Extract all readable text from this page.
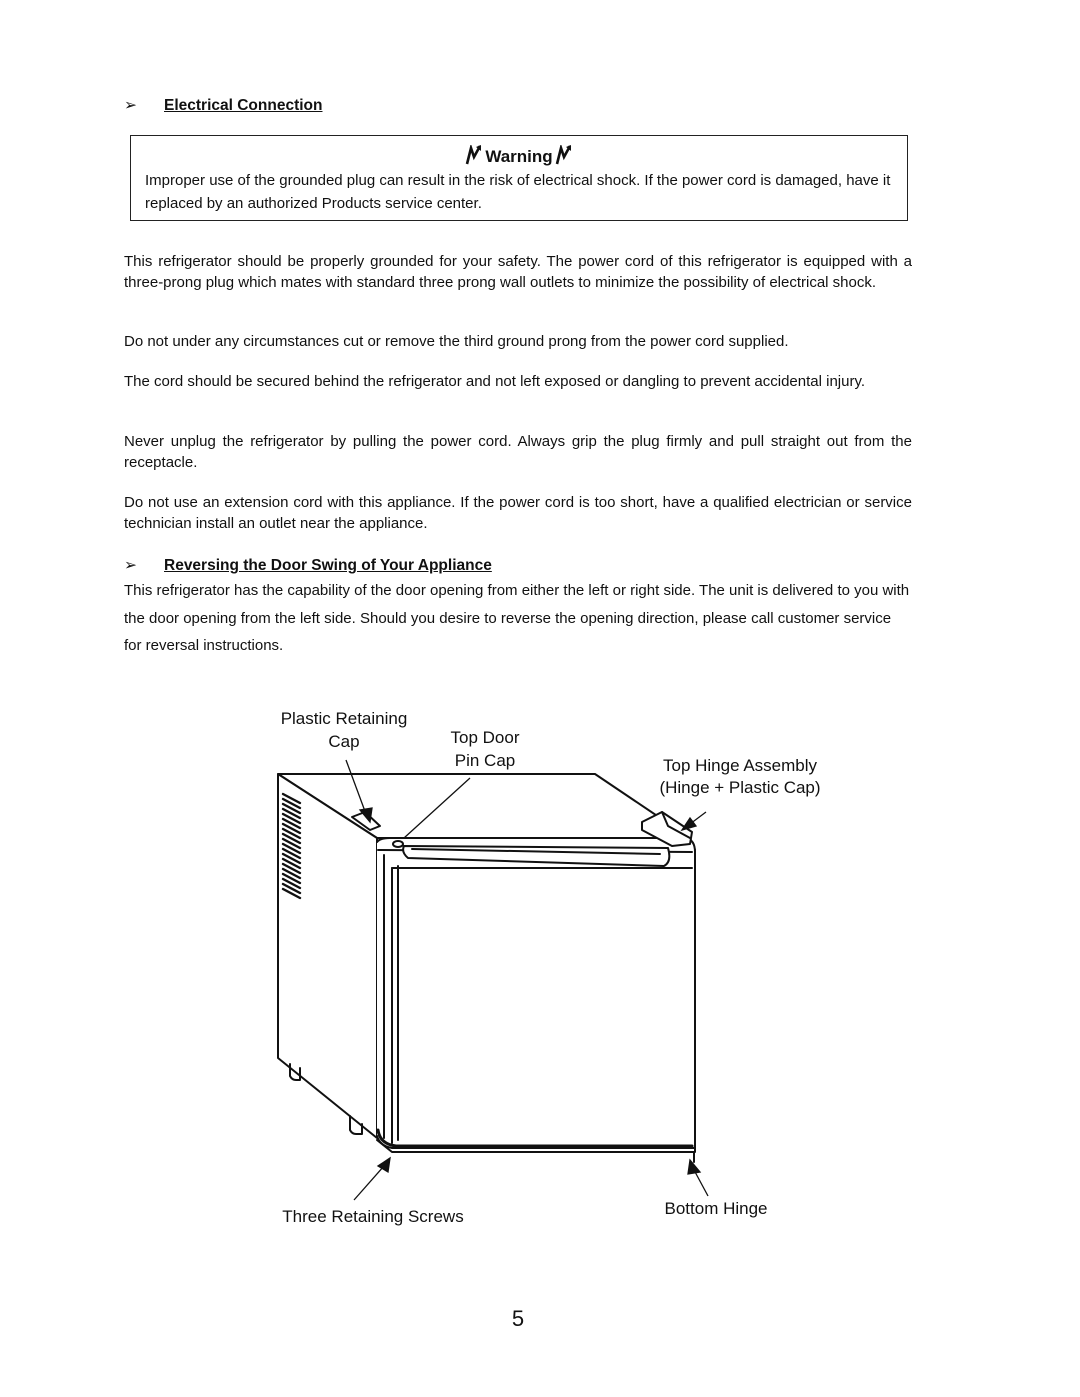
➢ Electrical Connection
Warning
Improper use of the grounded plug can result in the risk of electrical shock. If the power cord is damaged, have it replaced by an authorized Products service center.
This refrigerator should be properly grounded for your safety. The power cord of this refrigerator is equipped with a three-prong plug which mates with standard three prong wall outlets to minimize the possibility of electrical shock.
Do not under any circumstances cut or remove the third ground prong from the power cord supplied.
The cord should be secured behind the refrigerator and not left exposed or dangling to prevent accidental injury.
Never unplug the refrigerator by pulling the power cord. Always grip the plug firmly and pull straight out from the receptacle.
Do not use an extension cord with this appliance. If the power cord is too short, have a qualified electrician or service technician install an outlet near the appliance.
➢ Reversing the Door Swing of Your Appliance
This refrigerator has the capability of the door opening from either the left or right side. The unit is delivered to you with the door opening from the left side. Should you desire to reverse the opening direction, please call customer service for reversal instructions.
Plastic Retaining
Cap	Top Door
Pin Cap	Top Hinge Assembly
(Hinge + Plastic Cap)
Three Retaining Screws	Bottom Hinge
5
